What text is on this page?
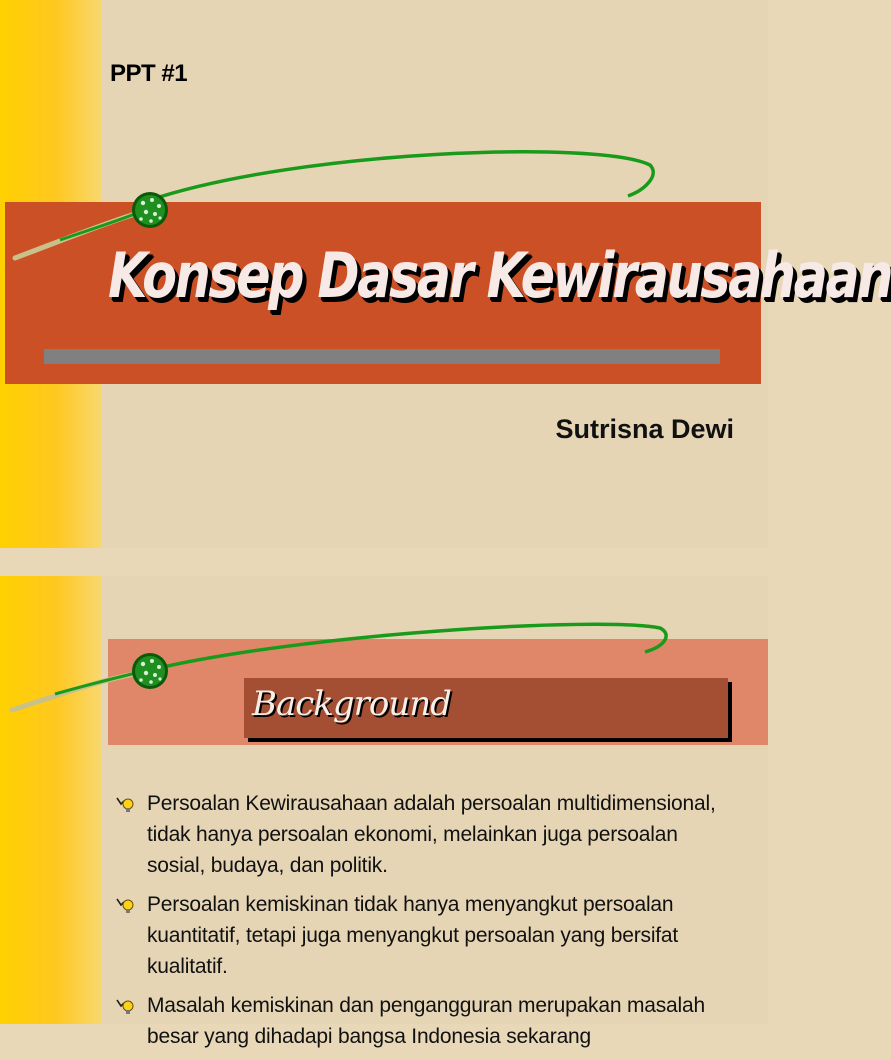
PPT #1
Konsep Dasar Kewirausahaan
Sutrisna Dewi
Background
Persoalan Kewirausahaan adalah persoalan multidimensional, tidak hanya persoalan ekonomi, melainkan juga persoalan sosial, budaya, dan politik.
Persoalan kemiskinan tidak hanya menyangkut persoalan kuantitatif, tetapi juga menyangkut persoalan yang bersifat kualitatif.
Masalah kemiskinan dan pengangguran merupakan masalah besar yang dihadapi bangsa Indonesia sekarang
